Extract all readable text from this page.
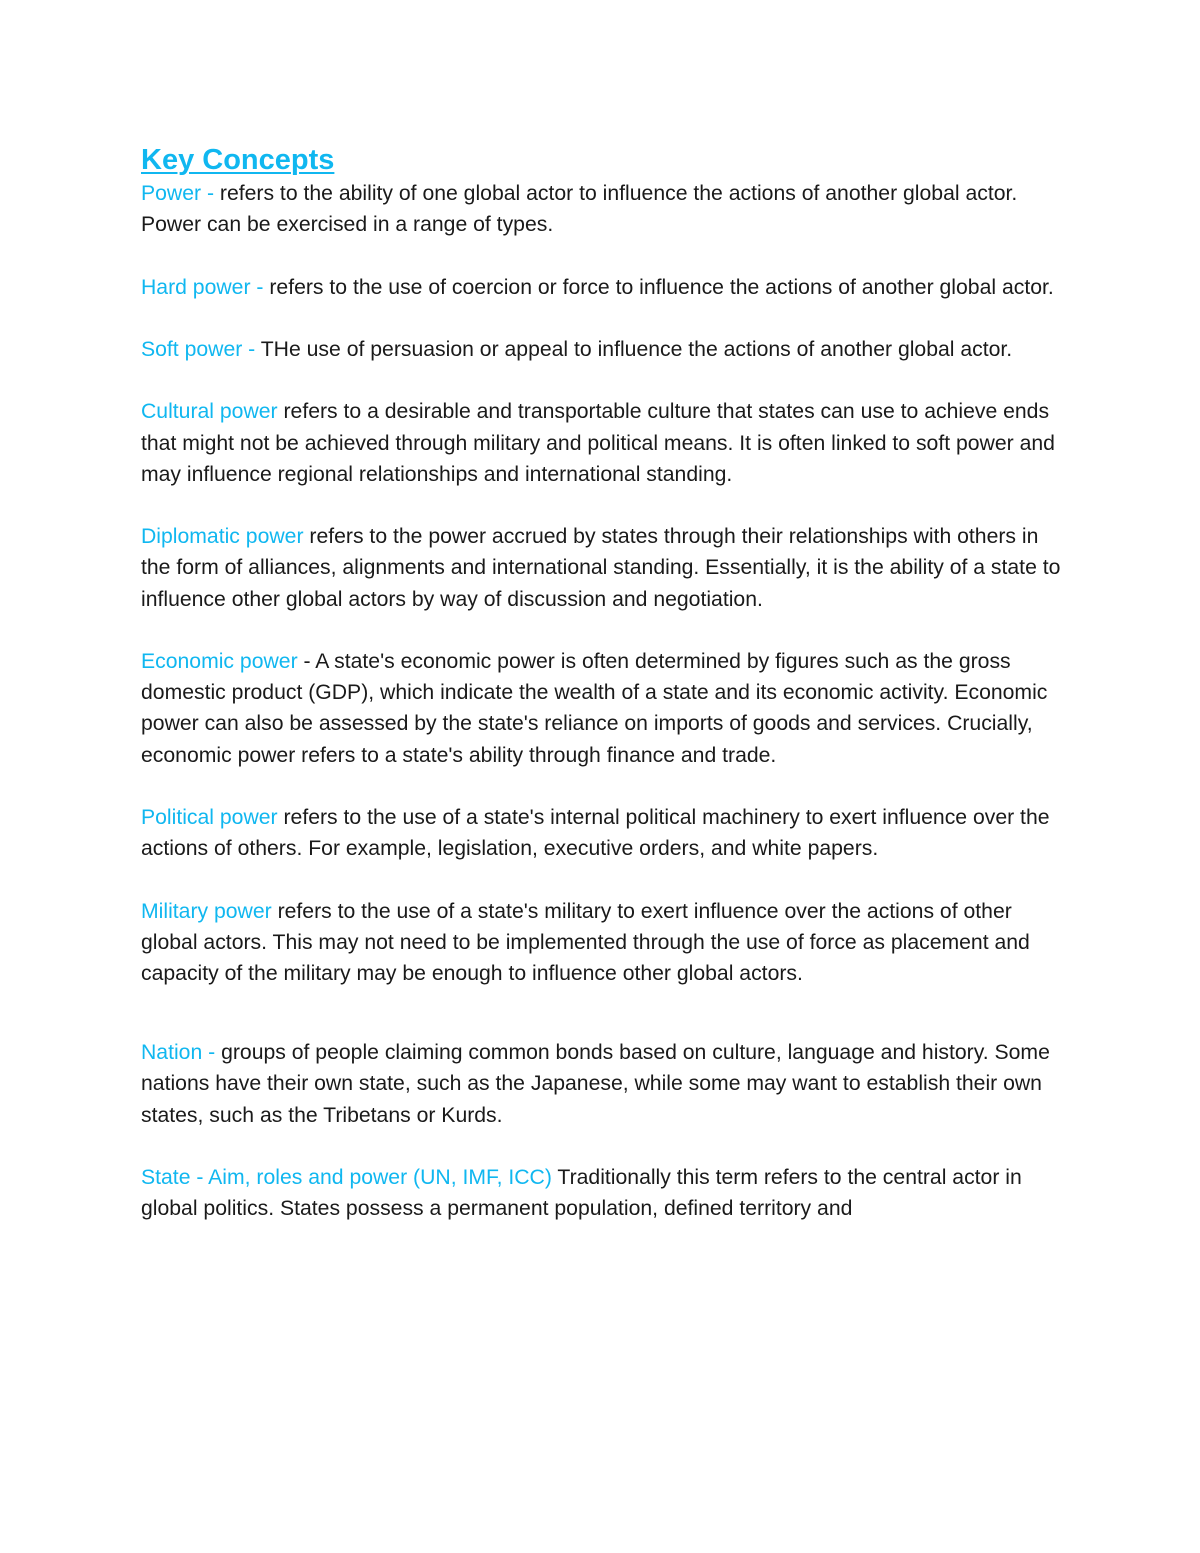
Key Concepts

Power - refers to the ability of one global actor to influence the actions of another global actor. Power can be exercised in a range of types.

Hard power - refers to the use of coercion or force to influence the actions of another global actor.

Soft power - THe use of persuasion or appeal to influence the actions of another global actor.

Cultural power refers to a desirable and transportable culture that states can use to achieve ends that might not be achieved through military and political means. It is often linked to soft power and may influence regional relationships and international standing.

Diplomatic power refers to the power accrued by states through their relationships with others in the form of alliances, alignments and international standing. Essentially, it is the ability of a state to influence other global actors by way of discussion and negotiation.

Economic power - A state's economic power is often determined by figures such as the gross domestic product (GDP), which indicate the wealth of a state and its economic activity. Economic power can also be assessed by the state's reliance on imports of goods and services. Crucially, economic power refers to a state's ability through finance and trade.

Political power refers to the use of a state's internal political machinery to exert influence over the actions of others. For example, legislation, executive orders, and white papers.

Military power refers to the use of a state's military to exert influence over the actions of other global actors. This may not need to be implemented through the use of force as placement and capacity of the military may be enough to influence other global actors.

Nation - groups of people claiming common bonds based on culture, language and history. Some nations have their own state, such as the Japanese, while some may want to establish their own states, such as the Tribetans or Kurds.

State - Aim, roles and power (UN, IMF, ICC) Traditionally this term refers to the central actor in global politics. States possess a permanent population, defined territory and
